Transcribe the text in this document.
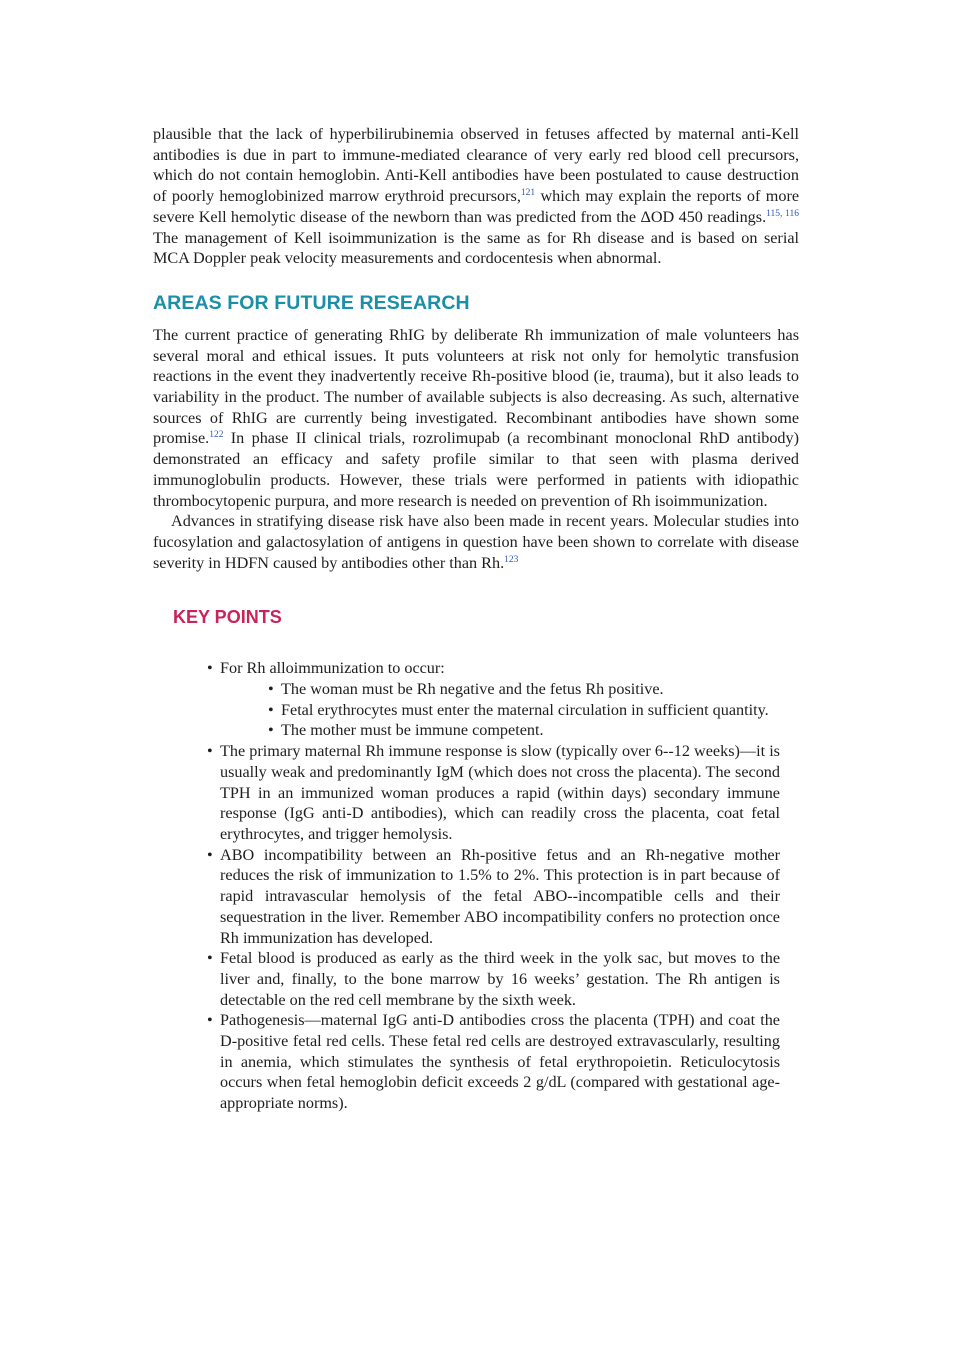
plausible that the lack of hyperbilirubinemia observed in fetuses affected by maternal anti-Kell antibodies is due in part to immune-mediated clearance of very early red blood cell precursors, which do not contain hemoglobin. Anti-Kell antibodies have been postulated to cause destruction of poorly hemoglobinized marrow erythroid precursors,$^{121}$ which may explain the reports of more severe Kell hemolytic disease of the newborn than was predicted from the ΔOD 450 readings.$^{115, 116}$ The management of Kell isoimmunization is the same as for Rh disease and is based on serial MCA Doppler peak velocity measurements and cordocentesis when abnormal.

AREAS FOR FUTURE RESEARCH

The current practice of generating RhIG by deliberate Rh immunization of male volunteers has several moral and ethical issues. It puts volunteers at risk not only for hemolytic transfusion reactions in the event they inadvertently receive Rh-positive blood (ie, trauma), but it also leads to variability in the product. The number of available subjects is also decreasing. As such, alternative sources of RhIG are currently being investigated. Recombinant antibodies have shown some promise.$^{122}$ In phase II clinical trials, rozrolimupab (a recombinant monoclonal RhD antibody) demonstrated an efficacy and safety profile similar to that seen with plasma derived immunoglobulin products. However, these trials were performed in patients with idiopathic thrombocytopenic purpura, and more research is needed on prevention of Rh isoimmunization.

Advances in stratifying disease risk have also been made in recent years. Molecular studies into fucosylation and galactosylation of antigens in question have been shown to correlate with disease severity in HDFN caused by antibodies other than Rh.$^{123}$

KEY POINTS
• For Rh alloimmunization to occur:
• The woman must be Rh negative and the fetus Rh positive.
• Fetal erythrocytes must enter the maternal circulation in sufficient quantity.
• The mother must be immune competent.
• The primary maternal Rh immune response is slow (typically over 6--12 weeks)—it is usually weak and predominantly IgM (which does not cross the placenta). The second TPH in an immunized woman produces a rapid (within days) secondary immune response (IgG anti-D antibodies), which can readily cross the placenta, coat fetal erythrocytes, and trigger hemolysis.
• ABO incompatibility between an Rh-positive fetus and an Rh-negative mother reduces the risk of immunization to 1.5% to 2%. This protection is in part because of rapid intravascular hemolysis of the fetal ABO--incompatible cells and their sequestration in the liver. Remember ABO incompatibility confers no protection once Rh immunization has developed.
• Fetal blood is produced as early as the third week in the yolk sac, but moves to the liver and, finally, to the bone marrow by 16 weeks’ gestation. The Rh antigen is detectable on the red cell membrane by the sixth week.
• Pathogenesis—maternal IgG anti-D antibodies cross the placenta (TPH) and coat the D-positive fetal red cells. These fetal red cells are destroyed extravascularly, resulting in anemia, which stimulates the synthesis of fetal erythropoietin. Reticulocytosis occurs when fetal hemoglobin deficit exceeds 2 g/dL (compared with gestational age-appropriate norms).
